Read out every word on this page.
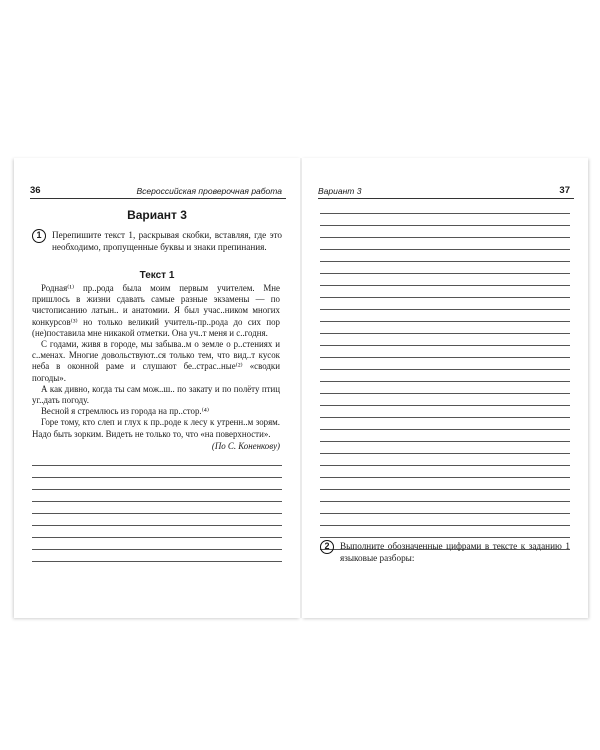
36	Всероссийская проверочная работа
Вариант 3
1	Перепишите текст 1, раскрывая скобки, вставляя, где это необходимо, пропущенные буквы и знаки препинания.
Текст 1

Родная⁽¹⁾ пр..рода была моим первым учителем. Мне пришлось в жизни сдавать самые разные экзамены — по чистописанию латын.. и анатомии. Я был учас..ником многих конкурсов⁽³⁾ но только великий учитель-пр..рода до сих пор (не)поставила мне никакой отметки. Она уч..т меня и с..годня.

С годами, живя в городе, мы забыва..м о земле о р..стениях и с..менах. Многие довольствуют..ся только тем, что вид..т кусок неба в оконной раме и слушают бе..страс..ные⁽²⁾ «сводки погоды».

А как дивно, когда ты сам мож..ш.. по закату и по полёту птиц уг..дать погоду.

Весной я стремлюсь из города на пр..стор.⁽⁴⁾

Горе тому, кто слеп и глух к пр..роде к лесу к утренн..м зорям. Надо быть зорким. Видеть не только то, что «на поверхности».

(По С. Коненкову)
Вариант 3	37
2	Выполните обозначенные цифрами в тексте к заданию 1 языковые разборы:
